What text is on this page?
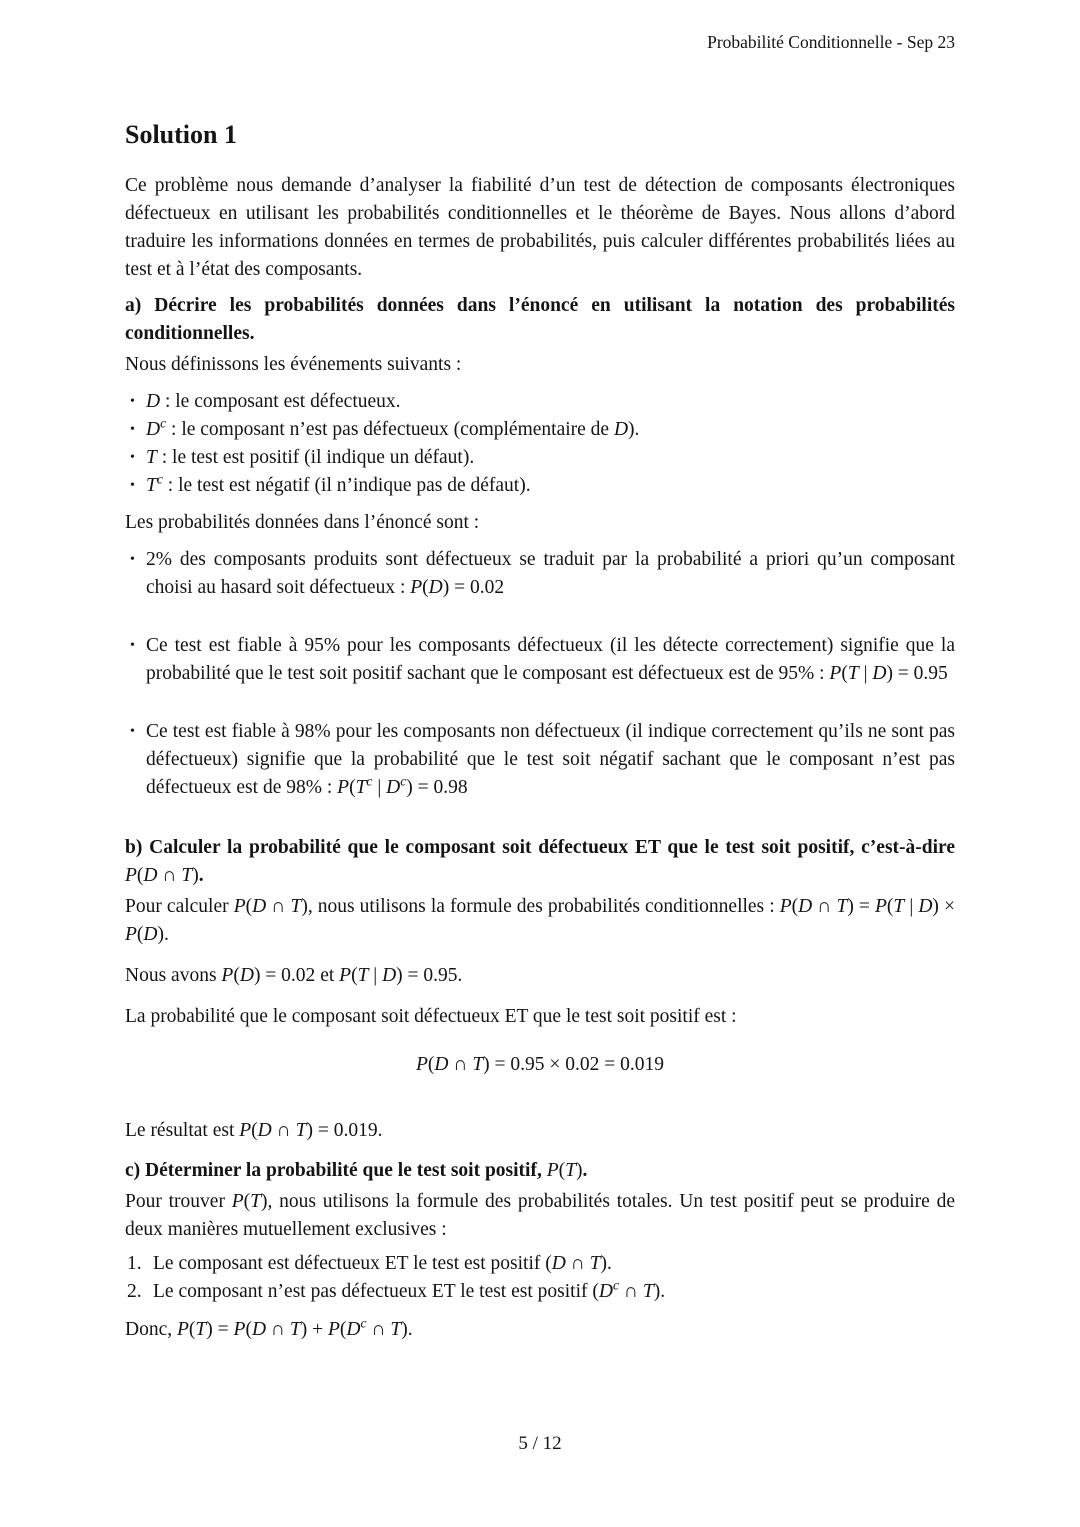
Probabilité Conditionnelle - Sep 23
Solution 1

Ce problème nous demande d’analyser la fiabilité d’un test de détection de composants électroniques défectueux en utilisant les probabilités conditionnelles et le théorème de Bayes. Nous allons d’abord traduire les informations données en termes de probabilités, puis calculer différentes probabilités liées au test et à l’état des composants.

a) Décrire les probabilités données dans l’énoncé en utilisant la notation des probabilités conditionnelles.

Nous définissons les événements suivants :

• D : le composant est défectueux.
• $D^c$ : le composant n’est pas défectueux (complémentaire de D).
• T : le test est positif (il indique un défaut).
• $T^c$ : le test est négatif (il n’indique pas de défaut).

Les probabilités données dans l’énoncé sont :

• 2% des composants produits sont défectueux se traduit par la probabilité a priori qu’un composant choisi au hasard soit défectueux : P(D) = 0.02
• Ce test est fiable à 95% pour les composants défectueux (il les détecte correctement) signifie que la probabilité que le test soit positif sachant que le composant est défectueux est de 95% : P(T | D) = 0.95
• Ce test est fiable à 98% pour les composants non défectueux (il indique correctement qu’ils ne sont pas défectueux) signifie que la probabilité que le test soit négatif sachant que le composant n’est pas défectueux est de 98% : $P(T^c$ | $D^c) = 0.98$

b) Calculer la probabilité que le composant soit défectueux ET que le test soit positif, c’est-à-dire P(D ∩ T).

Pour calculer P(D ∩ T), nous utilisons la formule des probabilités conditionnelles : P(D ∩ T) = P(T | D) × P(D).

Nous avons P(D) = 0.02 et P(T | D) = 0.95.

La probabilité que le composant soit défectueux ET que le test soit positif est :

P(D ∩ T) = 0.95 × 0.02 = 0.019

Le résultat est P(D ∩ T) = 0.019.

c) Déterminer la probabilité que le test soit positif, P(T).

Pour trouver P(T), nous utilisons la formule des probabilités totales. Un test positif peut se produire de deux manières mutuellement exclusives :

Le composant est défectueux ET le test est positif (D ∩ T).
Le composant n’est pas défectueux ET le test est positif ($D^c$ ∩ T).

Donc, P(T) = P(D ∩ $T) + P(D^c$ ∩ T).

5 / 12
